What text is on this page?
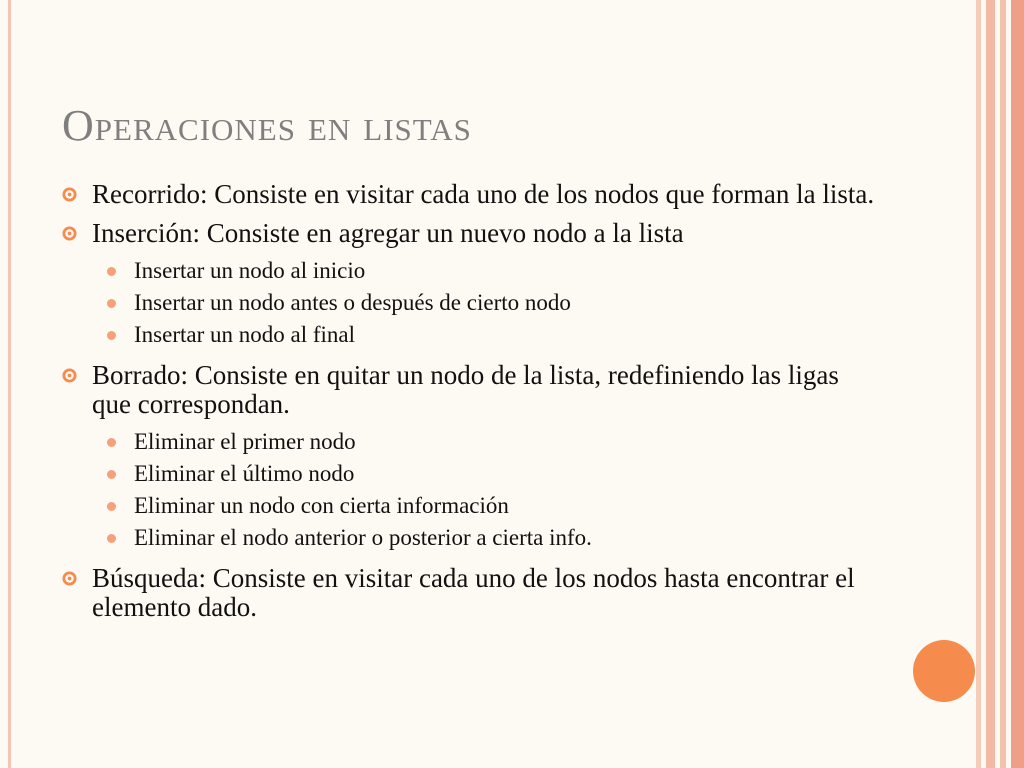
Operaciones en listas
Recorrido: Consiste en visitar cada uno de los nodos que forman la lista.
Inserción: Consiste en agregar un nuevo nodo a la lista
Insertar un nodo al inicio
Insertar un nodo antes o después de cierto nodo
Insertar un nodo al final
Borrado: Consiste en quitar un nodo de la lista, redefiniendo las ligas que correspondan.
Eliminar el primer nodo
Eliminar el último nodo
Eliminar un nodo con cierta información
Eliminar el nodo anterior o posterior a cierta info.
Búsqueda: Consiste en visitar cada uno de los nodos hasta encontrar el elemento dado.
